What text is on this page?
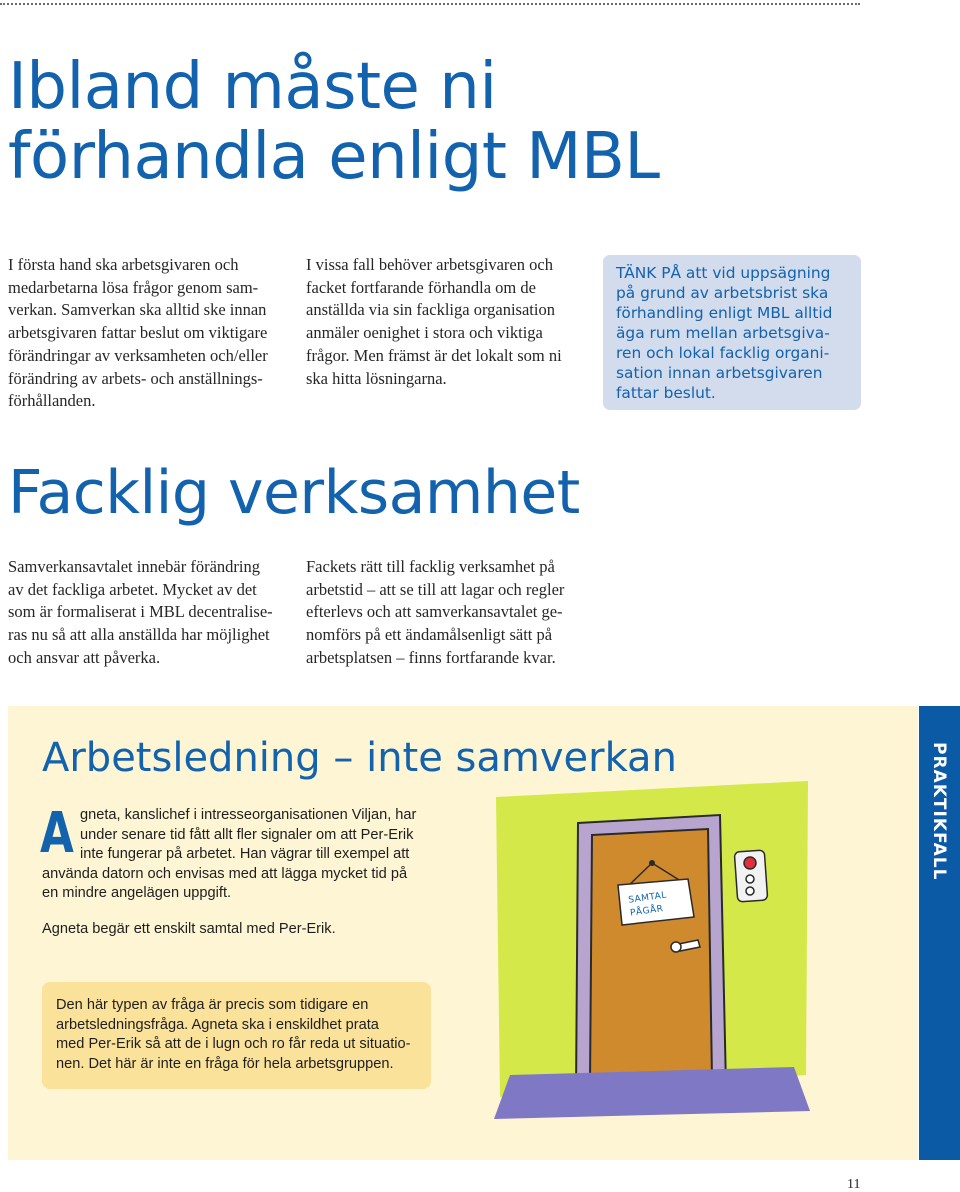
Ibland måste ni
förhandla enligt MBL
I första hand ska arbetsgivaren och
medarbetarna lösa frågor genom sam-
verkan. Samverkan ska alltid ske innan
arbetsgivaren fattar beslut om viktigare
förändringar av verksamheten och/eller
förändring av arbets- och anställnings-
förhållanden.
I vissa fall behöver arbetsgivaren och
facket fortfarande förhandla om de
anställda via sin fackliga organisation
anmäler oenighet i stora och viktiga
frågor. Men främst är det lokalt som ni
ska hitta lösningarna.
TÄNK PÅ att vid uppsägning
på grund av arbetsbrist ska
förhandling enligt MBL alltid
äga rum mellan arbetsgiva-
ren och lokal facklig organi-
sation innan arbetsgivaren
fattar beslut.
Facklig verksamhet
Samverkansavtalet innebär förändring
av det fackliga arbetet. Mycket av det
som är formaliserat i MBL decentralise-
ras nu så att alla anställda har möjlighet
och ansvar att påverka.
Fackets rätt till facklig verksamhet på
arbetstid – att se till att lagar och regler
efterlevs och att samverkansavtalet ge-
nomförs på ett ändamålsenligt sätt på
arbetsplatsen – finns fortfarande kvar.
PRAKTIKFALL
Arbetsledning – inte samverkan
A gneta, kanslichef i intresseorganisationen Viljan, har
under senare tid fått allt fler signaler om att Per-Erik
inte fungerar på arbetet. Han vägrar till exempel att
använda datorn och envisas med att lägga mycket tid på
en mindre angelägen uppgift.
Agneta begär ett enskilt samtal med Per-Erik.
Den här typen av fråga är precis som tidigare en
arbetsledningsfråga. Agneta ska i enskildhet prata
med Per-Erik så att de i lugn och ro får reda ut situatio-
nen. Det här är inte en fråga för hela arbetsgruppen.
SAMTAL
PÅGÅR
11
